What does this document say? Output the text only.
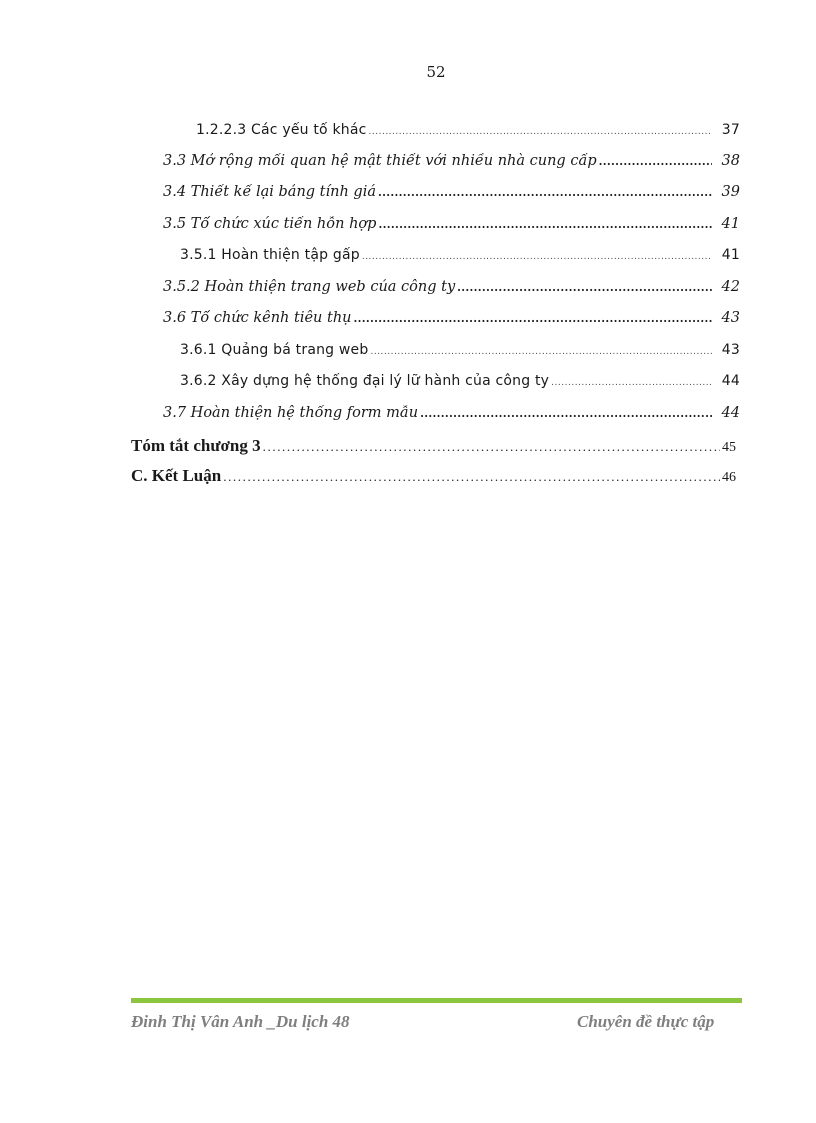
52
1.2.2.3 Các yếu tố khác .....	37
3.3 Mở rộng mối quan hệ mật thiết với nhiều nhà cung cấp .....	38
3.4 Thiết kế lại bảng tính giá .....	39
3.5 Tổ chức xúc tiến hỗn hợp .....	41
3.5.1 Hoàn thiện tập gấp .....	41
3.5.2 Hoàn thiện trang web của công ty .....	42
3.6 Tổ chức kênh tiêu thụ .....	43
3.6.1 Quảng bá trang web .....	43
3.6.2 Xây dựng hệ thống đại lý lữ hành của công ty .....	44
3.7 Hoàn thiện hệ thống form mẫu .....	44
Tóm tắt chương 3 .....	45
C. Kết Luận .....	46
Đinh Thị Vân Anh _Du lịch 48	Chuyên đề thực tập
